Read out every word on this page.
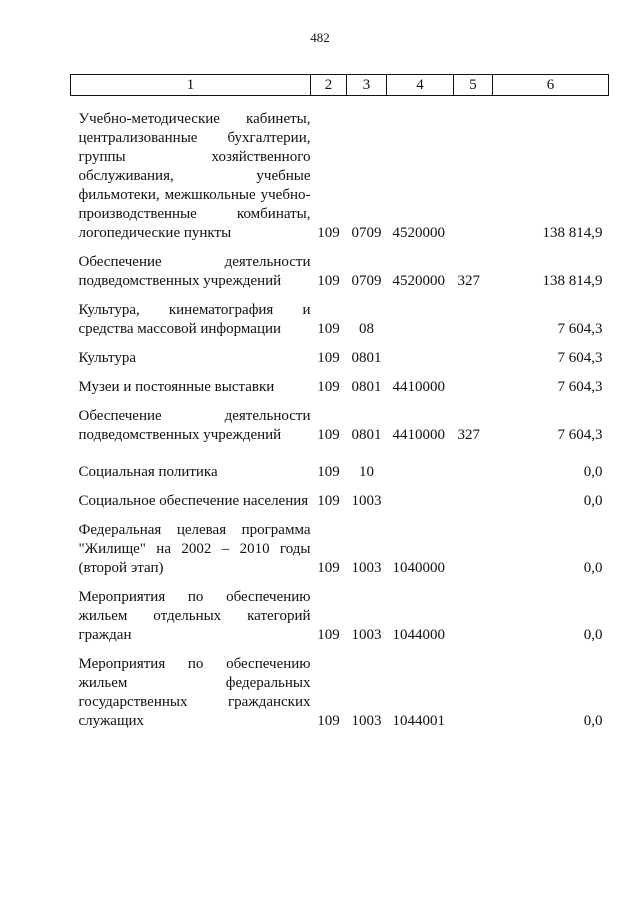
482
1	2	3	4	5	6

Учебно-методические кабинеты, централизованные бухгалтерии, группы хозяйственного обслуживания, учебные фильмотеки, межшкольные учебно-производственные комбинаты, логопедические пункты	109	0709	4520000		138 814,9

Обеспечение деятельности подведомственных учреждений	109	0709	4520000	327	138 814,9

Культура, кинематография и средства массовой информации	109	08			7 604,3

Культура	109	0801			7 604,3

Музеи и постоянные выставки	109	0801	4410000		7 604,3

Обеспечение деятельности подведомственных учреждений	109	0801	4410000	327	7 604,3

Социальная политика	109	10			0,0

Социальное обеспечение населения	109	1003			0,0

Федеральная целевая программа "Жилище" на 2002 – 2010 годы (второй этап)	109	1003	1040000		0,0

Мероприятия по обеспечению жильем отдельных категорий граждан	109	1003	1044000		0,0

Мероприятия по обеспечению жильем федеральных государственных гражданских служащих	109	1003	1044001		0,0
